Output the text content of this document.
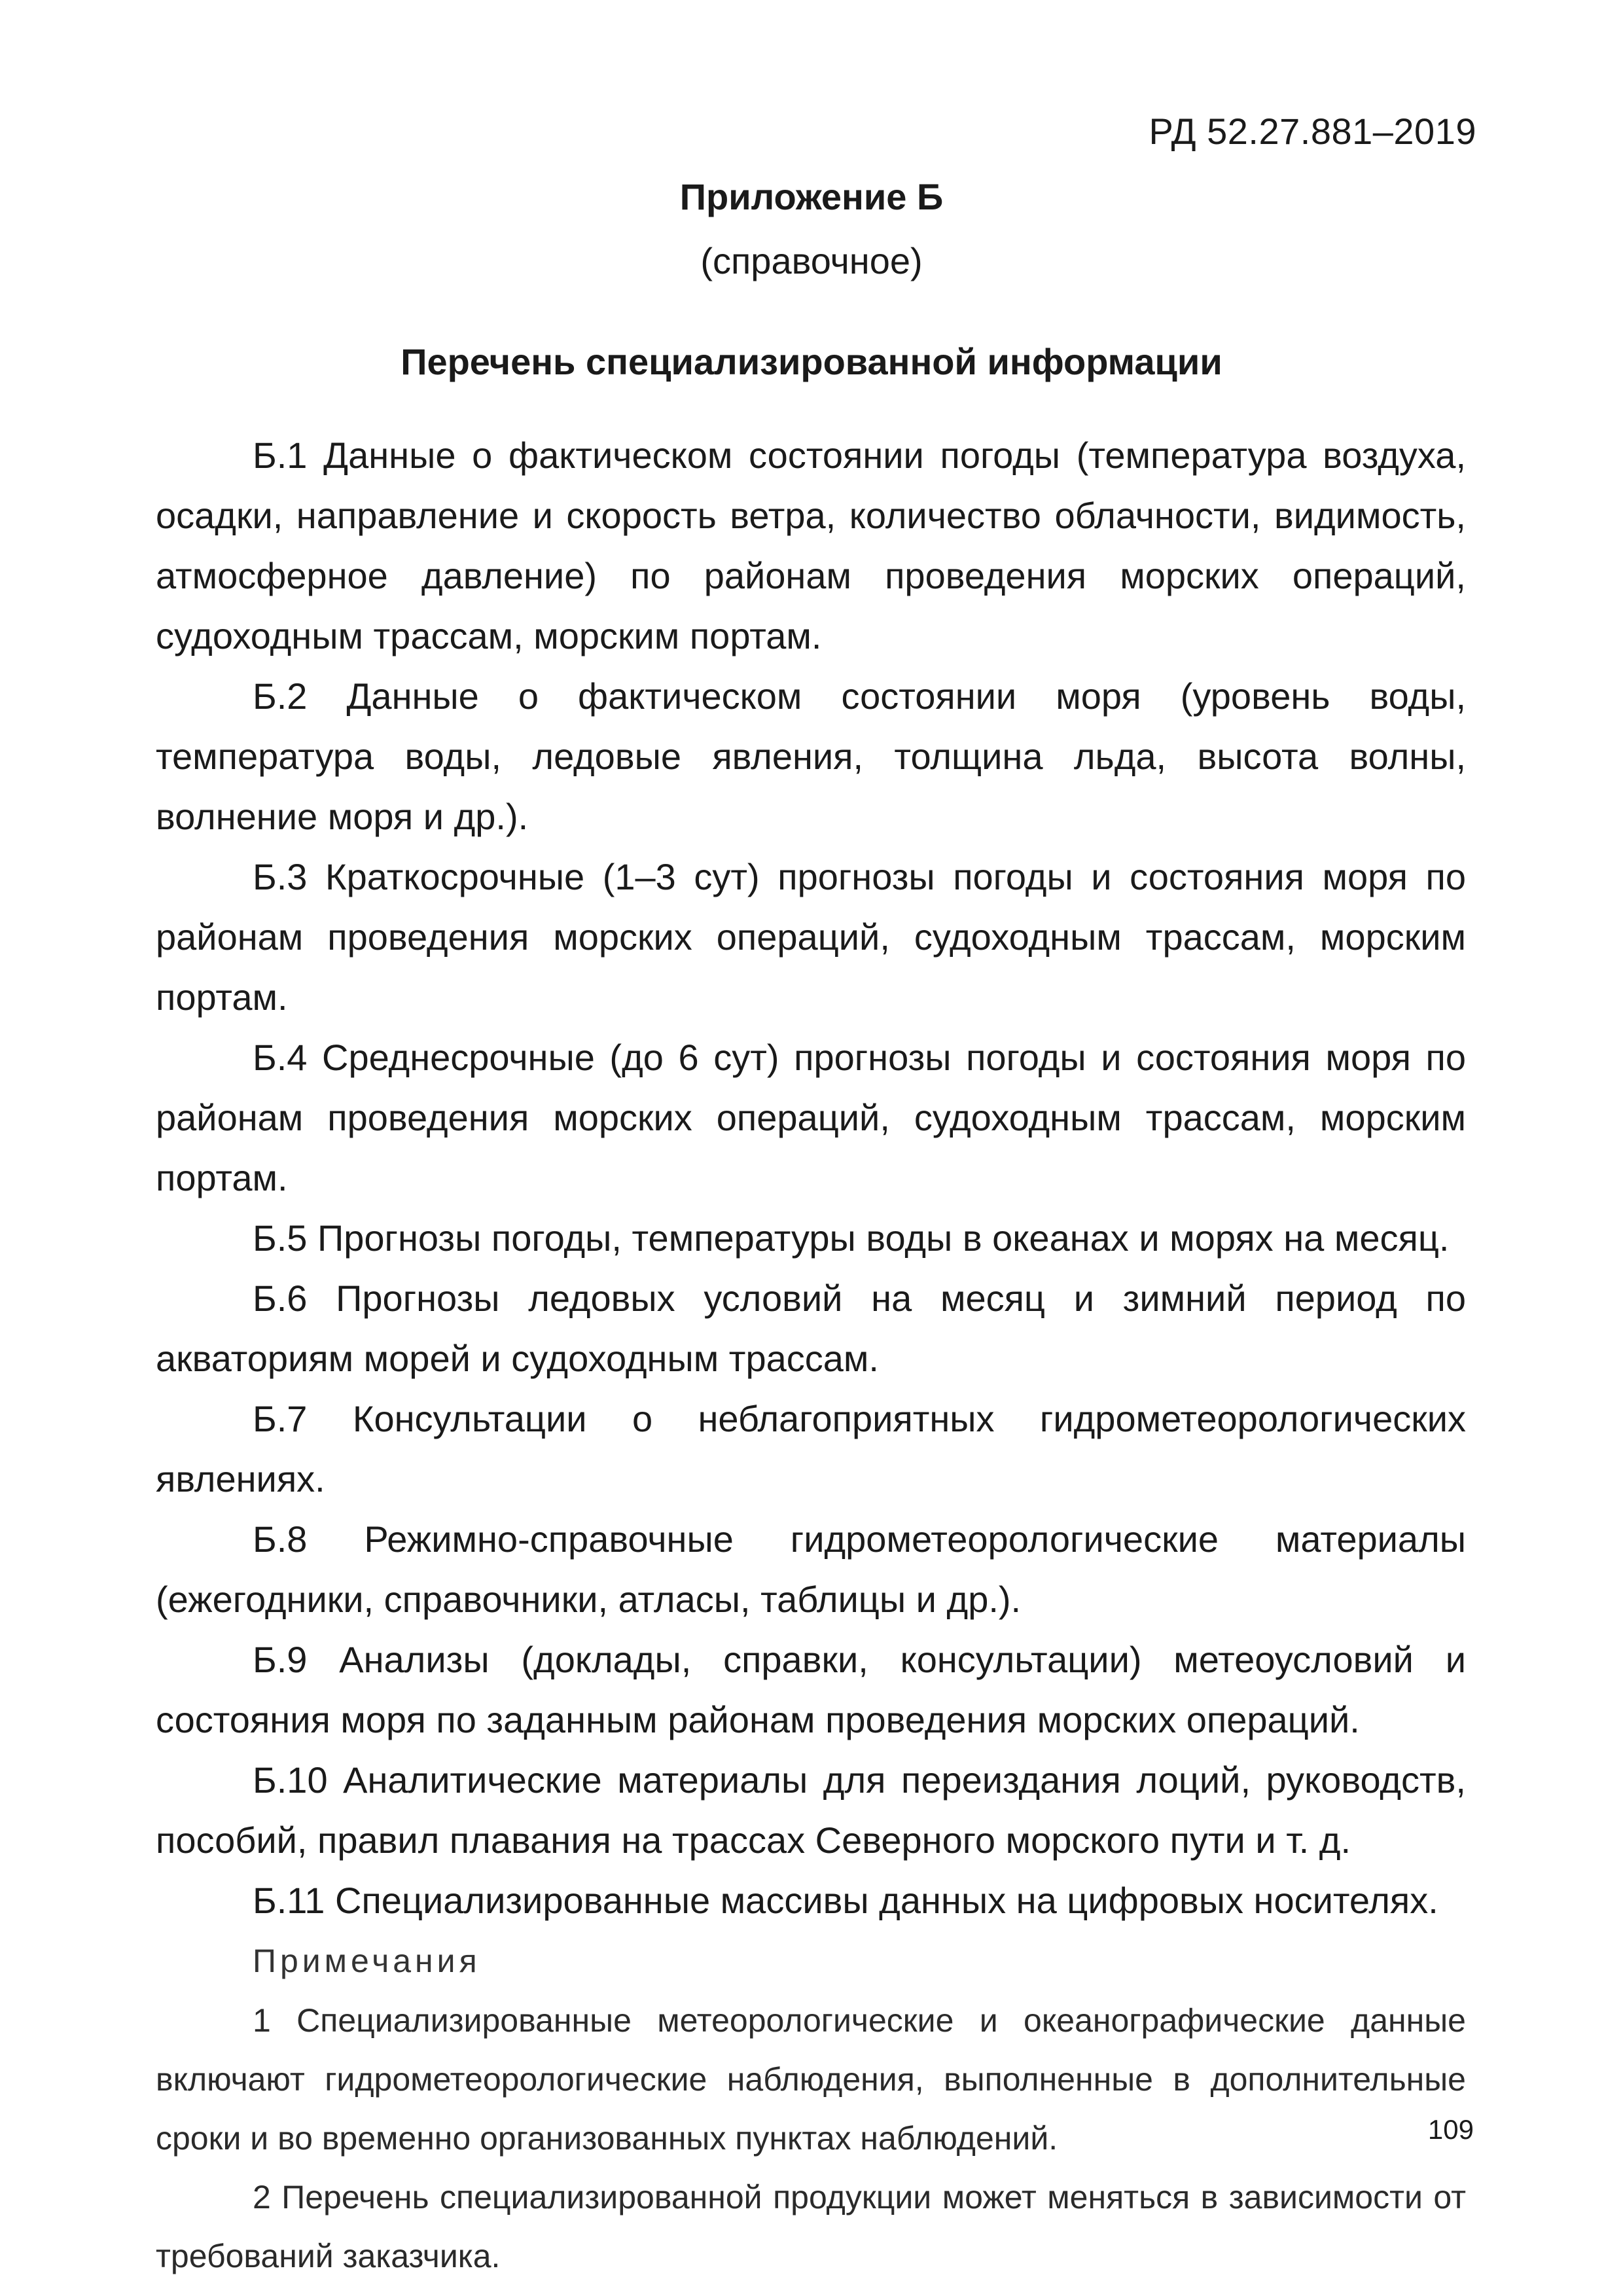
РД 52.27.881–2019
Приложение Б
(справочное)
Перечень специализированной информации

Б.1 Данные о фактическом состоянии погоды (температура воздуха, осадки, направление и скорость ветра, количество облачности, видимость, атмосферное давление) по районам проведения морских операций, судоходным трассам, морским портам.

Б.2 Данные о фактическом состоянии моря (уровень воды, температура воды, ледовые явления, толщина льда, высота волны, волнение моря и др.).

Б.3 Краткосрочные (1–3 сут) прогнозы погоды и состояния моря по районам проведения морских операций, судоходным трассам, морским портам.

Б.4 Среднесрочные (до 6 сут) прогнозы погоды и состояния моря по районам проведения морских операций, судоходным трассам, морским портам.

Б.5 Прогнозы погоды, температуры воды в океанах и морях на месяц.

Б.6 Прогнозы ледовых условий на месяц и зимний период по акваториям морей и судоходным трассам.

Б.7 Консультации о неблагоприятных гидрометеорологических явлениях.

Б.8 Режимно-справочные гидрометеорологические материалы (ежегодники, справочники, атласы, таблицы и др.).

Б.9 Анализы (доклады, справки, консультации) метеоусловий и состояния моря по заданным районам проведения морских операций.

Б.10 Аналитические материалы для переиздания лоций, руководств, пособий, правил плавания на трассах Северного морского пути и т. д.

Б.11 Специализированные массивы данных на цифровых носителях.

Примечания

1 Специализированные метеорологические и океанографические данные включают гидрометеорологические наблюдения, выполненные в дополнительные сроки и во временно организованных пунктах наблюдений.

2 Перечень специализированной продукции может меняться в зависимости от требований заказчика.

109
